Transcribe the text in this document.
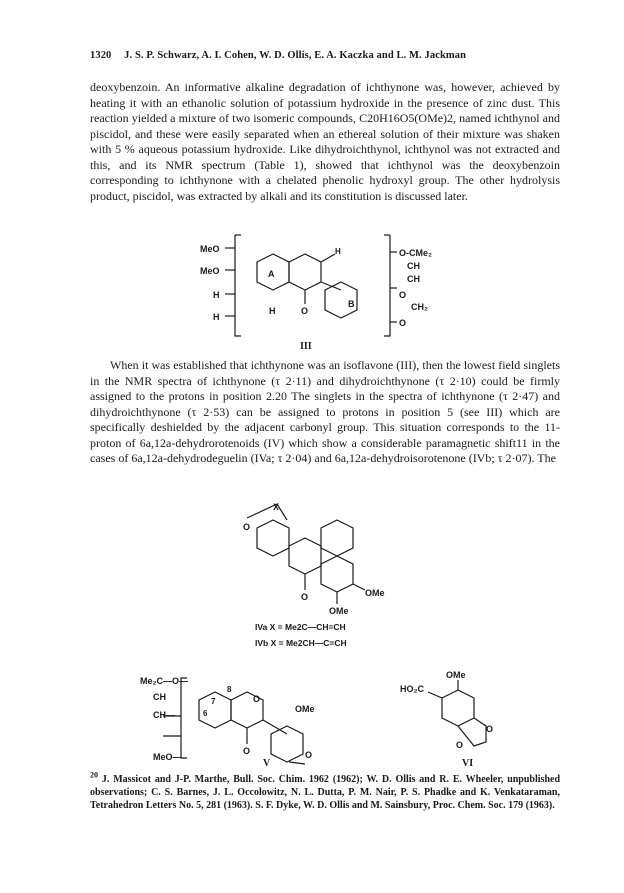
1320 J. S. P. Schwarz, A. I. Cohen, W. D. Ollis, E. A. Kaczka and L. M. Jackman

deoxybenzoin. An informative alkaline degradation of ichthynone was, however, achieved by heating it with an ethanolic solution of potassium hydroxide in the presence of zinc dust. This reaction yielded a mixture of two isomeric compounds, C20H16O5(OMe)2, named ichthynol and piscidol, and these were easily separated when an ethereal solution of their mixture was shaken with 5 % aqueous potassium hydroxide. Like dihydroichthynol, ichthynol was not extracted and this, and its NMR spectrum (Table 1), showed that ichthynol was the deoxybenzoin corresponding to ichthynone with a chelated phenolic hydroxyl group. The other hydrolysis product, piscidol, was extracted by alkali and its constitution is discussed later.

MeO
MeO
H
H
A
B
H
O
H
O-CMe₂
CH
CH
O
CH₂
O
III

When it was established that ichthynone was an isoflavone (III), then the lowest field singlets in the NMR spectra of ichthynone (τ 2·11) and dihydroichthynone (τ 2·10) could be firmly assigned to the protons in position 2.20 The singlets in the spectra of ichthynone (τ 2·47) and dihydroichthynone (τ 2·53) can be assigned to protons in position 5 (see III) which are specifically deshielded by the adjacent carbonyl group. This situation corresponds to the 11-proton of 6a,12a-dehydrorotenoids (IV) which show a considerable paramagnetic shift11 in the cases of 6a,12a-dehydrodeguelin (IVa; τ 2·04) and 6a,12a-dehydroisorotenone (IVb; τ 2·07). The

X
O
O	OMe
OMe
IVa X = Me2C—CH=CH
IVb X = Me2CH—C=CH
Me₂C—O—
CH
CH—
MeO—
7
6
8
O
OMe
O	O
V
OMe
HO₂C
O
O
VI
$^{20}$ J. Massicot and J-P. Marthe, Bull. Soc. Chim. 1962 (1962); W. D. Ollis and R. E. Wheeler, unpublished observations; C. S. Barnes, J. L. Occolowitz, N. L. Dutta, P. M. Nair, P. S. Phadke and K. Venkataraman, Tetrahedron Letters No. 5, 281 (1963). S. F. Dyke, W. D. Ollis and M. Sainsbury, Proc. Chem. Soc. 179 (1963).
